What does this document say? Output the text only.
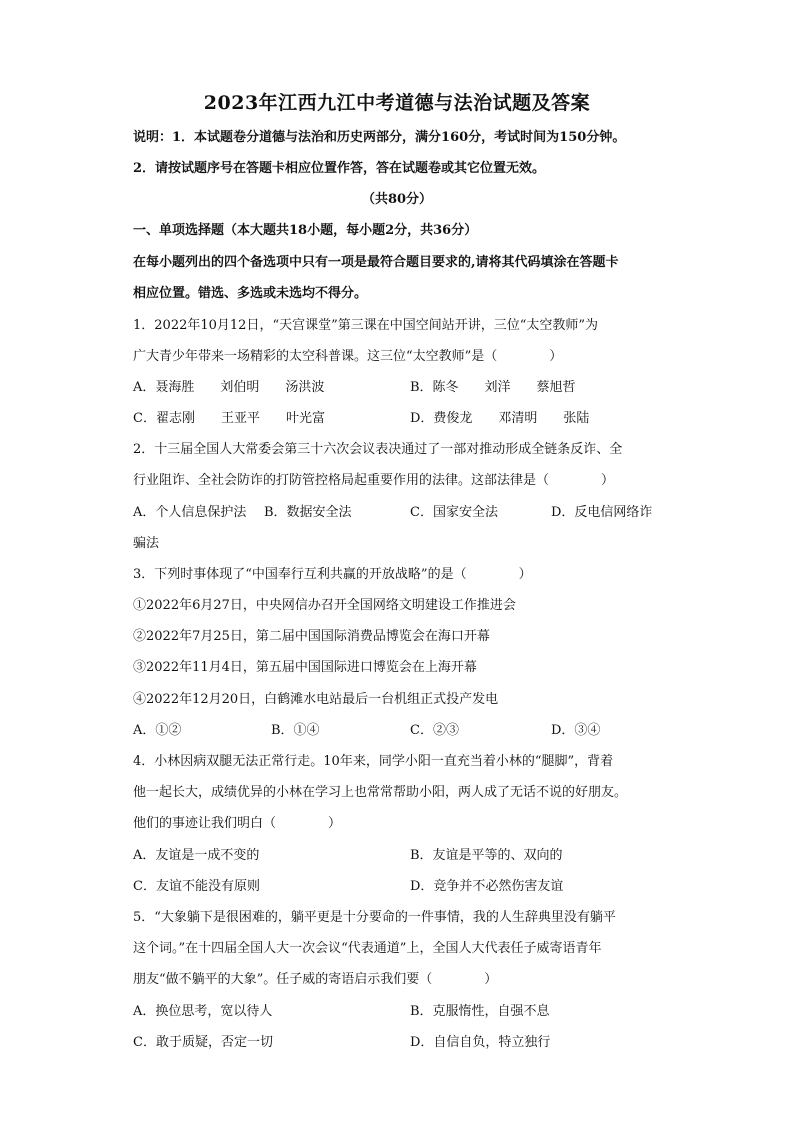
2023年江西九江中考道德与法治试题及答案
说明：1．本试题卷分道德与法治和历史两部分，满分160分，考试时间为150分钟。
2．请按试题序号在答题卡相应位置作答，答在试题卷或其它位置无效。
（共80分）
一、单项选择题（本大题共18小题，每小题2分，共36分）
在每小题列出的四个备选项中只有一项是最符合题目要求的,请将其代码填涂在答题卡
相应位置。错选、多选或未选均不得分。
1．2022年10月12日，“天宫课堂”第三课在中国空间站开讲，三位“太空教师”为
广大青少年带来一场精彩的太空科普课。这三位“太空教师”是（　　　　）
A．聂海胜　　刘伯明　　汤洪波	B．陈冬　　刘洋　　蔡旭哲
C．翟志刚　　王亚平　　叶光富	D．费俊龙　　邓清明　　张陆
2．十三届全国人大常委会第三十六次会议表决通过了一部对推动形成全链条反诈、全
行业阻诈、全社会防诈的打防管控格局起重要作用的法律。这部法律是（　　　　）
A．个人信息保护法 B．数据安全法	C．国家安全法	D．反电信网络诈
骗法
3．下列时事体现了“中国奉行互利共赢的开放战略”的是（　　　　）
①2022年6月27日，中央网信办召开全国网络文明建设工作推进会
②2022年7月25日，第二届中国国际消费品博览会在海口开幕
③2022年11月4日，第五届中国国际进口博览会在上海开幕
④2022年12月20日，白鹤滩水电站最后一台机组正式投产发电
A．①②	B．①④	C．②③	D．③④
4．小林因病双腿无法正常行走。10年来，同学小阳一直充当着小林的“腿脚”，背着
他一起长大，成绩优异的小林在学习上也常常帮助小阳，两人成了无话不说的好朋友。
他们的事迹让我们明白（　　　　）
A．友谊是一成不变的	B．友谊是平等的、双向的
C．友谊不能没有原则	D．竞争并不必然伤害友谊
5．“大象躺下是很困难的，躺平更是十分要命的一件事情，我的人生辞典里没有躺平
这个词。”在十四届全国人大一次会议“代表通道”上，全国人大代表任子威寄语青年
朋友“做不躺平的大象”。任子威的寄语启示我们要（　　　　）
A．换位思考，宽以待人	B．克服惰性，自强不息
C．敢于质疑，否定一切	D．自信自负，特立独行
